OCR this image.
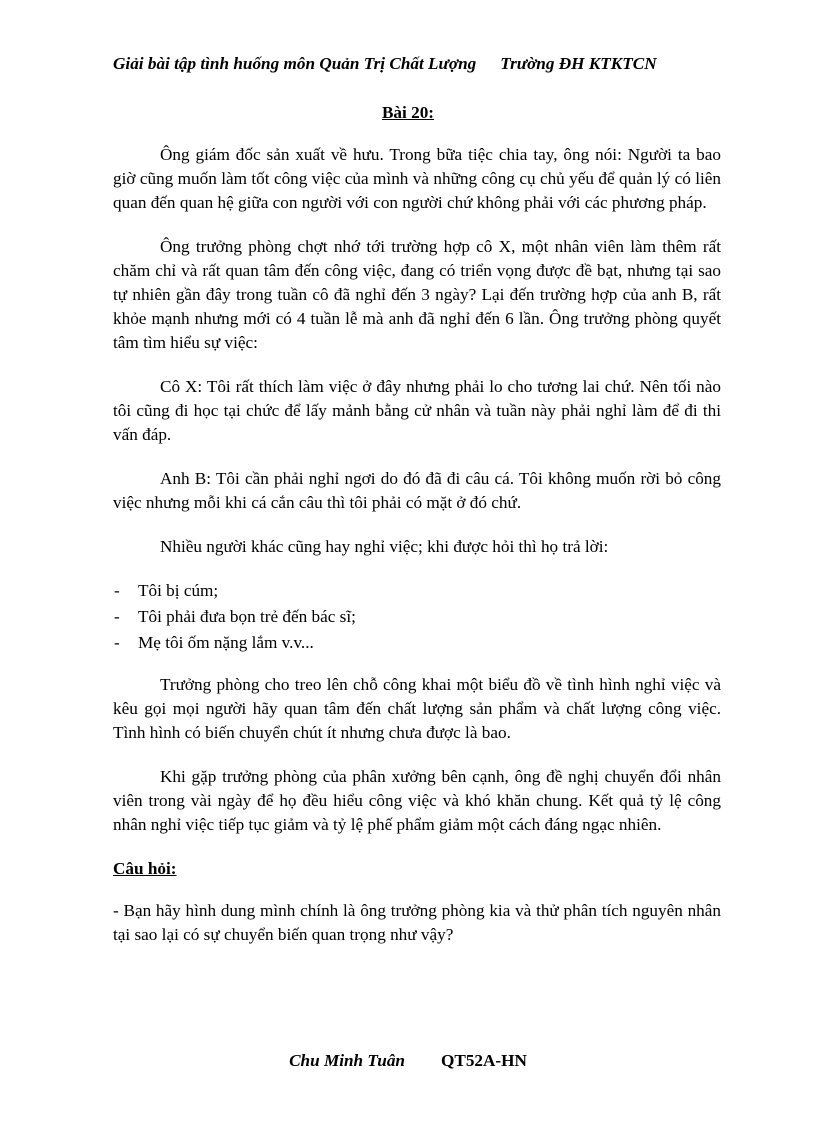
Giải bài tập tình huống môn Quản Trị Chất Lượng Trường ĐH KTKTCN
Bài 20:

Ông giám đốc sản xuất về hưu. Trong bữa tiệc chia tay, ông nói: Người ta bao giờ cũng muốn làm tốt công việc của mình và những công cụ chủ yếu để quản lý có liên quan đến quan hệ giữa con người với con người chứ không phải với các phương pháp.

Ông trưởng phòng chợt nhớ tới trường hợp cô X, một nhân viên làm thêm rất chăm chỉ và rất quan tâm đến công việc, đang có triển vọng được đề bạt, nhưng tại sao tự nhiên gần đây trong tuần cô đã nghỉ đến 3 ngày? Lại đến trường hợp của anh B, rất khỏe mạnh nhưng mới có 4 tuần lễ mà anh đã nghỉ đến 6 lần. Ông trưởng phòng quyết tâm tìm hiểu sự việc:

Cô X: Tôi rất thích làm việc ở đây nhưng phải lo cho tương lai chứ. Nên tối nào tôi cũng đi học tại chức để lấy mảnh bằng cử nhân và tuần này phải nghỉ làm để đi thi vấn đáp.

Anh B: Tôi cần phải nghỉ ngơi do đó đã đi câu cá. Tôi không muốn rời bỏ công việc nhưng mỗi khi cá cắn câu thì tôi phải có mặt ở đó chứ.

Nhiều người khác cũng hay nghỉ việc; khi được hỏi thì họ trả lời:

- Tôi bị cúm;
- Tôi phải đưa bọn trẻ đến bác sĩ;
- Mẹ tôi ốm nặng lắm v.v...

Trưởng phòng cho treo lên chỗ công khai một biểu đồ về tình hình nghỉ việc và kêu gọi mọi người hãy quan tâm đến chất lượng sản phẩm và chất lượng công việc. Tình hình có biến chuyển chút ít nhưng chưa được là bao.

Khi gặp trưởng phòng của phân xưởng bên cạnh, ông đề nghị chuyển đổi nhân viên trong vài ngày để họ đều hiểu công việc và khó khăn chung. Kết quả tỷ lệ công nhân nghỉ việc tiếp tục giảm và tỷ lệ phế phẩm giảm một cách đáng ngạc nhiên.

Câu hỏi:

- Bạn hãy hình dung mình chính là ông trưởng phòng kia và thử phân tích nguyên nhân tại sao lại có sự chuyển biến quan trọng như vậy?

Chu Minh Tuân QT52A-HN
